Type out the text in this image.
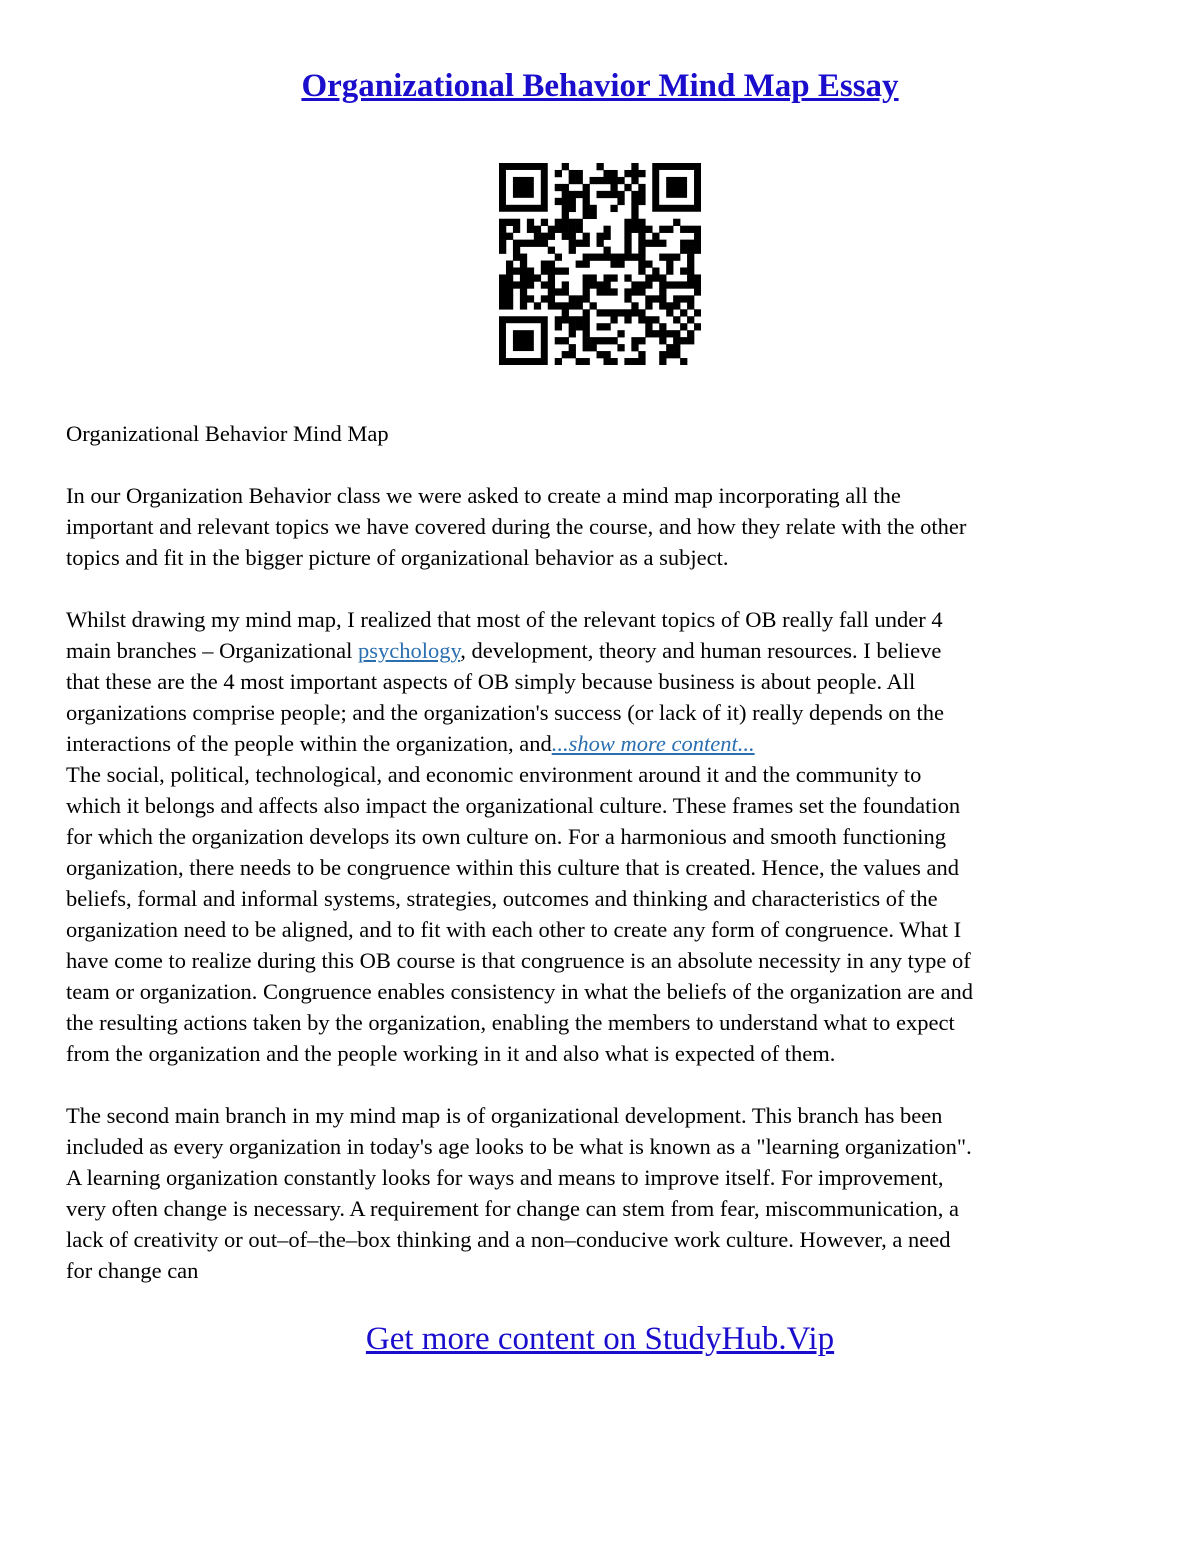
Organizational Behavior Mind Map Essay

Organizational Behavior Mind Map

In our Organization Behavior class we were asked to create a mind map incorporating all the
important and relevant topics we have covered during the course, and how they relate with the other
topics and fit in the bigger picture of organizational behavior as a subject.

Whilst drawing my mind map, I realized that most of the relevant topics of OB really fall under 4
main branches – Organizational psychology, development, theory and human resources. I believe
that these are the 4 most important aspects of OB simply because business is about people. All
organizations comprise people; and the organization's success (or lack of it) really depends on the
interactions of the people within the organization, and...show more content...

The social, political, technological, and economic environment around it and the community to
which it belongs and affects also impact the organizational culture. These frames set the foundation
for which the organization develops its own culture on. For a harmonious and smooth functioning
organization, there needs to be congruence within this culture that is created. Hence, the values and
beliefs, formal and informal systems, strategies, outcomes and thinking and characteristics of the
organization need to be aligned, and to fit with each other to create any form of congruence. What I
have come to realize during this OB course is that congruence is an absolute necessity in any type of
team or organization. Congruence enables consistency in what the beliefs of the organization are and
the resulting actions taken by the organization, enabling the members to understand what to expect
from the organization and the people working in it and also what is expected of them.

The second main branch in my mind map is of organizational development. This branch has been
included as every organization in today's age looks to be what is known as a "learning organization".
A learning organization constantly looks for ways and means to improve itself. For improvement,
very often change is necessary. A requirement for change can stem from fear, miscommunication, a
lack of creativity or out–of–the–box thinking and a non–conducive work culture. However, a need
for change can

Get more content on StudyHub.Vip
